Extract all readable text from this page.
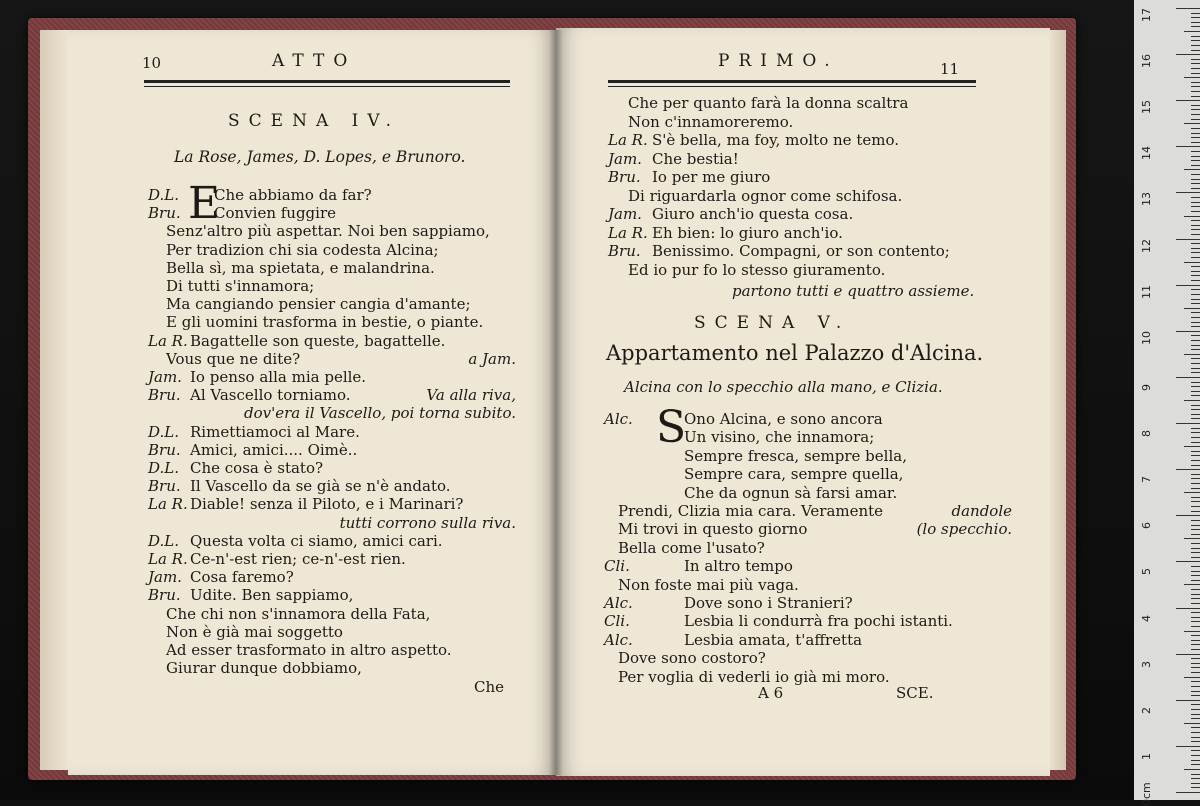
10	ATTO
SCENA IV.
La Rose, James, D. Lopes, e Brunoro.
E
D.L. Che abbiamo da far?
Bru. Convien fuggire
Senz'altro più aspettar. Noi ben sappiamo,
Per tradizion chi sia codesta Alcina;
Bella sì, ma spietata, e malandrina.
Di tutti s'innamora;
Ma cangiando pensier cangia d'amante;
E gli uomini trasforma in bestie, o piante.
La R. Bagattelle son queste, bagattelle.
Vous que ne dite?	a Jam.
Jam. Io penso alla mia pelle.
Bru. Al Vascello torniamo.	Va alla riva,
dov'era il Vascello, poi torna subito.
D.L. Rimettiamoci al Mare.
Bru. Amici, amici.... Oimè..
D.L. Che cosa è stato?
Bru. Il Vascello da se già se n'è andato.
La R. Diable! senza il Piloto, e i Marinari?
tutti corrono sulla riva.
D.L. Questa volta ci siamo, amici cari.
La R. Ce-n'-est rien; ce-n'-est rien.
Jam. Cosa faremo?
Bru. Udite. Ben sappiamo,
Che chi non s'innamora della Fata,
Non è già mai soggetto
Ad esser trasformato in altro aspetto.
Giurar dunque dobbiamo,
Che
PRIMO.	11
Che per quanto farà la donna scaltra
Non c'innamoreremo.
La R. S'è bella, ma foy, molto ne temo.
Jam. Che bestia!
Bru. Io per me giuro
Di riguardarla ognor come schifosa.
Jam. Giuro anch'io questa cosa.
La R. Eh bien: lo giuro anch'io.
Bru. Benissimo. Compagni, or son contento;
Ed io pur fo lo stesso giuramento.
partono tutti e quattro assieme.
SCENA V.
Appartamento nel Palazzo d'Alcina.
Alcina con lo specchio alla mano, e Clizia.
S
Alc.	Ono Alcina, e sono ancora
Un visino, che innamora;
Sempre fresca, sempre bella,
Sempre cara, sempre quella,
Che da ognun sà farsi amar.
Prendi, Clizia mia cara. Veramente	dandole
Mi trovi in questo giorno	(lo specchio.
Bella come l'usato?
Cli.	In altro tempo
Non foste mai più vaga.
Alc.	Dove sono i Stranieri?
Cli.	Lesbia li condurrà fra pochi istanti.
Alc.	Lesbia amata, t'affretta
Dove sono costoro?
Per voglia di vederli io già mi moro.
A 6	SCE.
17
16
15
14
13
12
11
10
9
8
7
6
5
4
3
2
1
0cm
